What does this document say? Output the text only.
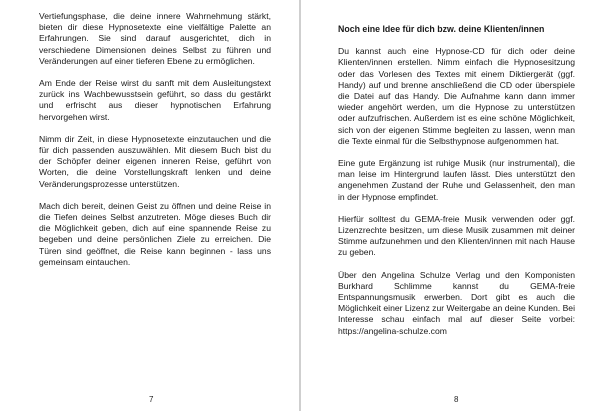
Vertiefungsphase, die deine innere Wahrnehmung stärkt, bieten dir diese Hypnosetexte eine vielfältige Palette an Erfahrungen. Sie sind darauf ausgerichtet, dich in verschiedene Dimensionen deines Selbst zu führen und Veränderungen auf einer tieferen Ebene zu ermöglichen.

Am Ende der Reise wirst du sanft mit dem Ausleitungstext zurück ins Wachbewusstsein geführt, so dass du gestärkt und erfrischt aus dieser hypnotischen Erfahrung hervorgehen wirst.

Nimm dir Zeit, in diese Hypnosetexte einzutauchen und die für dich passenden auszuwählen. Mit diesem Buch bist du der Schöpfer deiner eigenen inneren Reise, geführt von Worten, die deine Vorstellungskraft lenken und deine Veränderungsprozesse unterstützen.

Mach dich bereit, deinen Geist zu öffnen und deine Reise in die Tiefen deines Selbst anzutreten. Möge dieses Buch dir die Möglichkeit geben, dich auf eine spannende Reise zu begeben und deine persönlichen Ziele zu erreichen. Die Türen sind geöffnet, die Reise kann beginnen - lass uns gemeinsam eintauchen.

7

Noch eine Idee für dich bzw. deine Klienten/innen

Du kannst auch eine Hypnose-CD für dich oder deine Klienten/innen erstellen. Nimm einfach die Hypnosesitzung oder das Vorlesen des Textes mit einem Diktiergerät (ggf. Handy) auf und brenne anschließend die CD oder überspiele die Datei auf das Handy. Die Aufnahme kann dann immer wieder angehört werden, um die Hypnose zu unterstützen oder aufzufrischen. Außerdem ist es eine schöne Möglichkeit, sich von der eigenen Stimme begleiten zu lassen, wenn man die Texte einmal für die Selbsthypnose aufgenommen hat.

Eine gute Ergänzung ist ruhige Musik (nur instrumental), die man leise im Hintergrund laufen lässt. Dies unterstützt den angenehmen Zustand der Ruhe und Gelassenheit, den man in der Hypnose empfindet.

Hierfür solltest du GEMA-freie Musik verwenden oder ggf. Lizenzrechte besitzen, um diese Musik zusammen mit deiner Stimme aufzunehmen und den Klienten/innen mit nach Hause zu geben.

Über den Angelina Schulze Verlag und den Komponisten Burkhard Schlimme kannst du GEMA-freie Entspannungsmusik erwerben. Dort gibt es auch die Möglichkeit einer Lizenz zur Weitergabe an deine Kunden. Bei Interesse schau einfach mal auf dieser Seite vorbei: https://angelina-schulze.com

8
